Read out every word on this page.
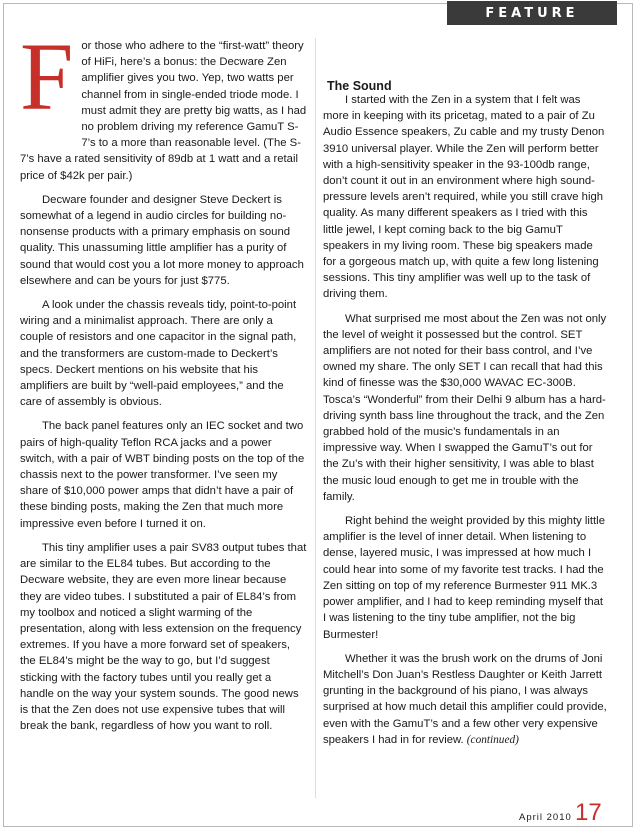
FEATURE
F or those who adhere to the “first-watt” theory of HiFi, here’s a bonus: the Decware Zen amplifier gives you two. Yep, two watts per channel from in single-ended triode mode. I must admit they are pretty big watts, as I had no problem driving my reference GamuT S-7’s to a more than reasonable level. (The S-7’s have a rated sensitivity of 89db at 1 watt and a retail price of $42k per pair.)

Decware founder and designer Steve Deckert is somewhat of a legend in audio circles for building no-nonsense products with a primary emphasis on sound quality. This unassuming little amplifier has a purity of sound that would cost you a lot more money to approach elsewhere and can be yours for just $775.

A look under the chassis reveals tidy, point-to-point wiring and a minimalist approach. There are only a couple of resistors and one capacitor in the signal path, and the transformers are custom-made to Deckert’s specs. Deckert mentions on his website that his amplifiers are built by “well-paid employees,” and the care of assembly is obvious.

The back panel features only an IEC socket and two pairs of high-quality Teflon RCA jacks and a power switch, with a pair of WBT binding posts on the top of the chassis next to the power transformer. I’ve seen my share of $10,000 power amps that didn’t have a pair of these binding posts, making the Zen that much more impressive even before I turned it on.

This tiny amplifier uses a pair SV83 output tubes that are similar to the EL84 tubes. But according to the Decware website, they are even more linear because they are video tubes. I substituted a pair of EL84’s from my toolbox and noticed a slight warming of the presentation, along with less extension on the frequency extremes. If you have a more forward set of speakers, the EL84’s might be the way to go, but I’d suggest sticking with the factory tubes until you really get a handle on the way your system sounds. The good news is that the Zen does not use expensive tubes that will break the bank, regardless of how you want to roll.

The Sound

I started with the Zen in a system that I felt was more in keeping with its pricetag, mated to a pair of Zu Audio Essence speakers, Zu cable and my trusty Denon 3910 universal player. While the Zen will perform better with a high-sensitivity speaker in the 93-100db range, don’t count it out in an environment where high sound-pressure levels aren’t required, while you still crave high quality. As many different speakers as I tried with this little jewel, I kept coming back to the big GamuT speakers in my living room. These big speakers made for a gorgeous match up, with quite a few long listening sessions. This tiny amplifier was well up to the task of driving them.

What surprised me most about the Zen was not only the level of weight it possessed but the control. SET amplifiers are not noted for their bass control, and I’ve owned my share. The only SET I can recall that had this kind of finesse was the $30,000 WAVAC EC-300B. Tosca’s “Wonderful” from their Delhi 9 album has a hard-driving synth bass line throughout the track, and the Zen grabbed hold of the music’s fundamentals in an impressive way. When I swapped the GamuT’s out for the Zu’s with their higher sensitivity, I was able to blast the music loud enough to get me in trouble with the family.

Right behind the weight provided by this mighty little amplifier is the level of inner detail. When listening to dense, layered music, I was impressed at how much I could hear into some of my favorite test tracks. I had the Zen sitting on top of my reference Burmester 911 MK.3 power amplifier, and I had to keep reminding myself that I was listening to the tiny tube amplifier, not the big Burmester!

Whether it was the brush work on the drums of Joni Mitchell’s Don Juan’s Restless Daughter or Keith Jarrett grunting in the background of his piano, I was always surprised at how much detail this amplifier could provide, even with the GamuT’s and a few other very expensive speakers I had in for review. (continued)

April 2010 17
